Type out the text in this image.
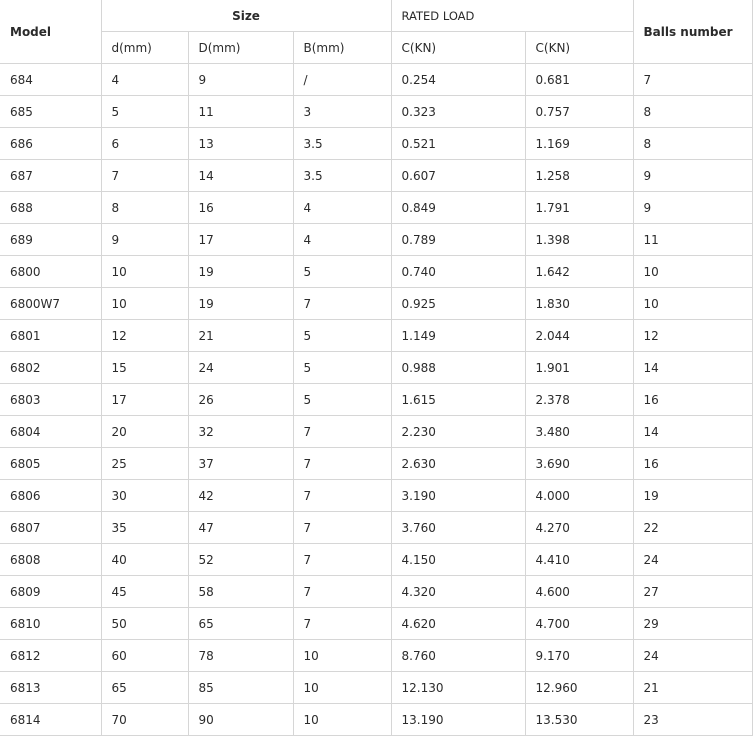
Model	Size			RATED LOAD		Balls number
	d(mm)	D(mm)	B(mm)	C(KN)	C(KN)	
684	4	9	/	0.254	0.681	7
685	5	11	3	0.323	0.757	8
686	6	13	3.5	0.521	1.169	8
687	7	14	3.5	0.607	1.258	9
688	8	16	4	0.849	1.791	9
689	9	17	4	0.789	1.398	11
6800	10	19	5	0.740	1.642	10
6800W7	10	19	7	0.925	1.830	10
6801	12	21	5	1.149	2.044	12
6802	15	24	5	0.988	1.901	14
6803	17	26	5	1.615	2.378	16
6804	20	32	7	2.230	3.480	14
6805	25	37	7	2.630	3.690	16
6806	30	42	7	3.190	4.000	19
6807	35	47	7	3.760	4.270	22
6808	40	52	7	4.150	4.410	24
6809	45	58	7	4.320	4.600	27
6810	50	65	7	4.620	4.700	29
6812	60	78	10	8.760	9.170	24
6813	65	85	10	12.130	12.960	21
6814	70	90	10	13.190	13.530	23
